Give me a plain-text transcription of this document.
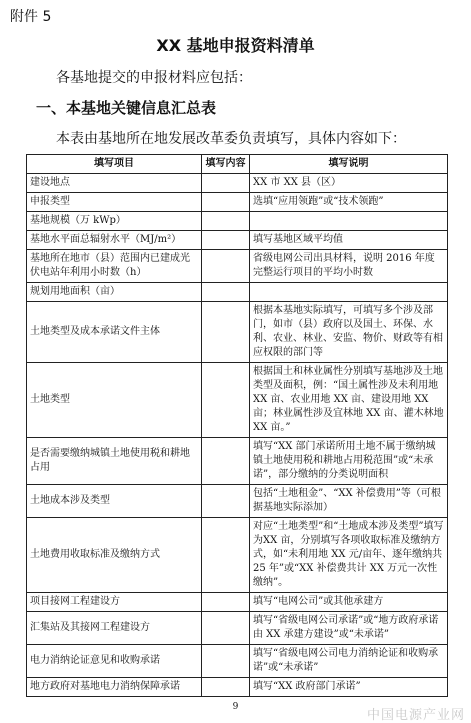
附件 5
XX 基地申报资料清单
各基地提交的申报材料应包括：
一、本基地关键信息汇总表
本表由基地所在地发展改革委负责填写，具体内容如下：
填写项目	填写内容	填写说明
建设地点		XX 市 XX 县（区）
申报类型		选填“应用领跑”或“技术领跑”
基地规模（万 kWp）		
基地水平面总辐射水平（MJ/m²）		填写基地区域平均值
基地所在地市（县）范围内已建成光伏电站年利用小时数（h）		省级电网公司出具材料，说明 2016 年度完整运行项目的平均小时数
规划用地面积（亩）		
土地类型及成本承诺文件主体		根据本基地实际填写，可填写多个涉及部门，如市（县）政府以及国土、环保、水利、农业、林业、安监、物价、财政等有相应权限的部门等
土地类型		根据国土和林业属性分别填写基地涉及土地类型及面积，例：“国土属性涉及未利用地 XX 亩、农业用地 XX 亩、建设用地 XX 亩；林业属性涉及宜林地 XX 亩、灌木林地 XX 亩。”
是否需要缴纳城镇土地使用税和耕地占用		填写“XX 部门承诺所用土地不属于缴纳城镇土地使用税和耕地占用税范围”或“未承诺”，部分缴纳的分类说明面积
土地成本涉及类型		包括“土地租金”、“XX 补偿费用”等（可根据基地实际添加）
土地费用收取标准及缴纳方式		对应“土地类型”和“土地成本涉及类型”填写为XX 亩，分别填写各项收取标准及缴纳方式，如“未利用地 XX 元/亩年、逐年缴纳共 25 年”或“XX 补偿费共计 XX 万元一次性缴纳”。
项目接网工程建设方		填写“电网公司”或其他承建方
汇集站及其接网工程建设方		填写“省级电网公司承诺”或“地方政府承诺由 XX 承建方建设”或“未承诺”
电力消纳论证意见和收购承诺		填写“省级电网公司电力消纳论证和收购承诺”或“未承诺”
地方政府对基地电力消纳保障承诺		填写“XX 政府部门承诺”
9
中国电源产业网
